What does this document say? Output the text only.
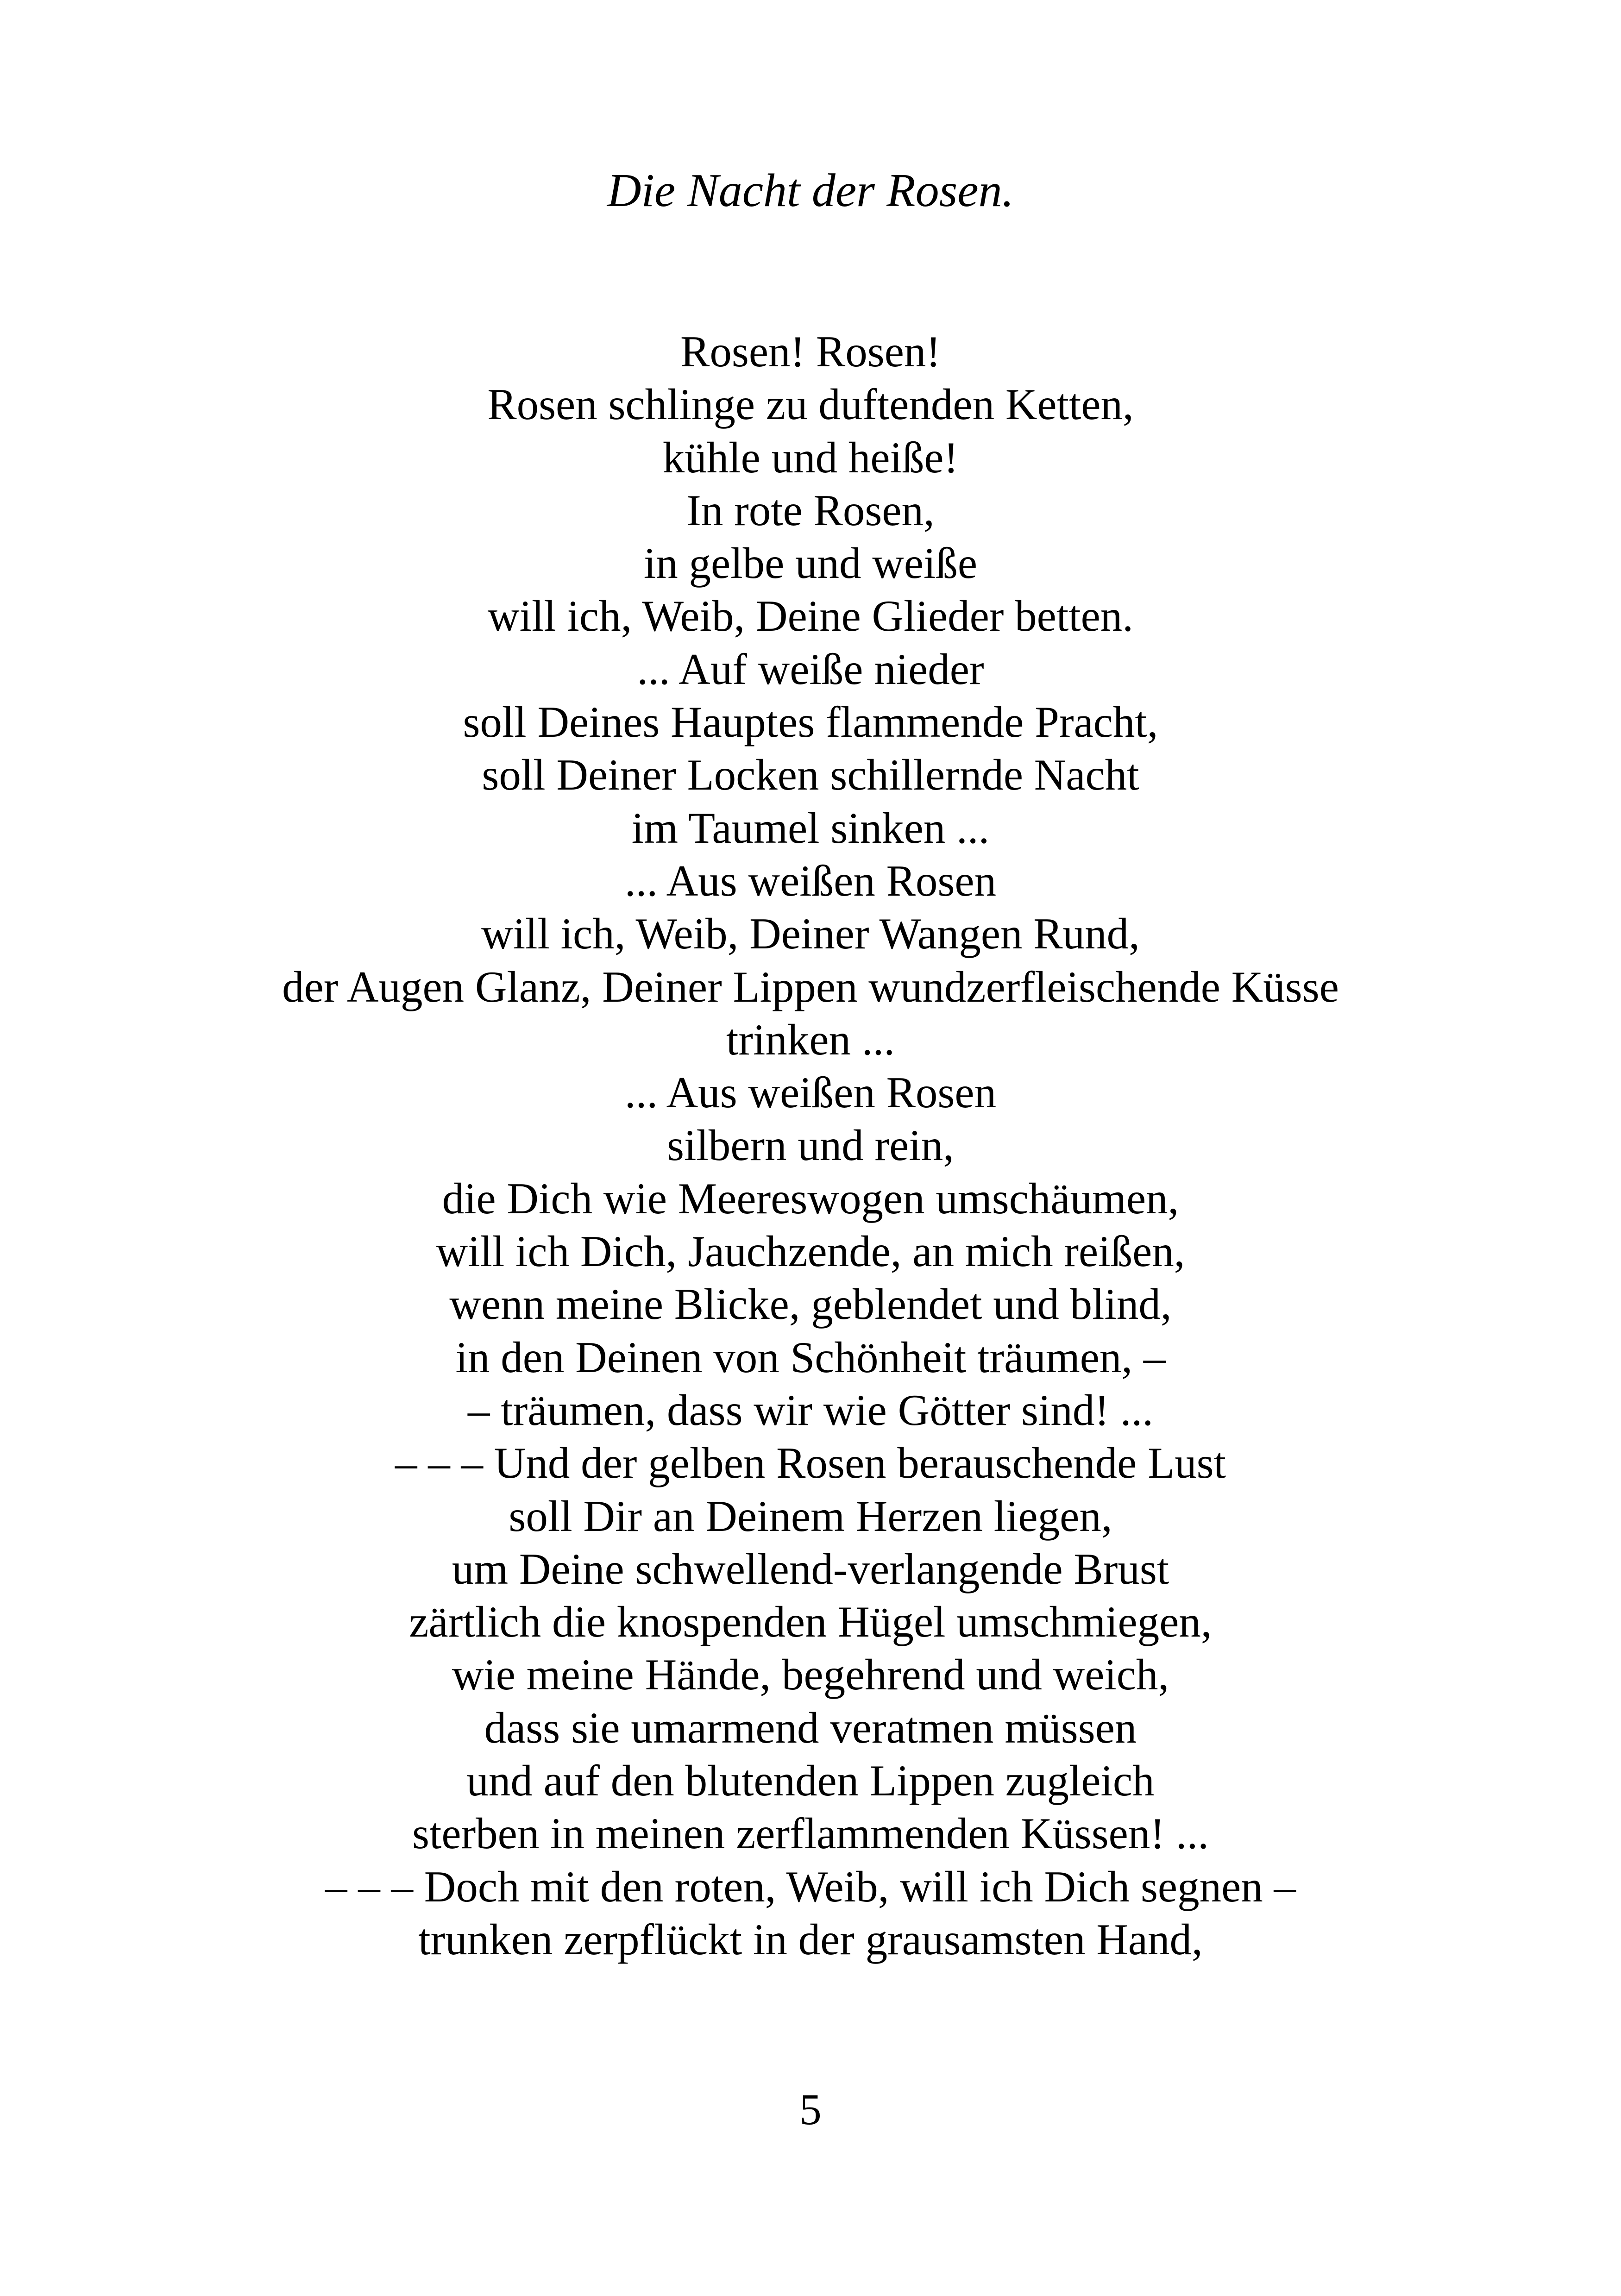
Die Nacht der Rosen.
Rosen! Rosen!
Rosen schlinge zu duftenden Ketten,
kühle und heiße!
In rote Rosen,
in gelbe und weiße
will ich, Weib, Deine Glieder betten.
... Auf weiße nieder
soll Deines Hauptes flammende Pracht,
soll Deiner Locken schillernde Nacht
im Taumel sinken ...
... Aus weißen Rosen
will ich, Weib, Deiner Wangen Rund,
der Augen Glanz, Deiner Lippen wundzerfleischende Küsse
trinken ...
... Aus weißen Rosen
silbern und rein,
die Dich wie Meereswogen umschäumen,
will ich Dich, Jauchzende, an mich reißen,
wenn meine Blicke, geblendet und blind,
in den Deinen von Schönheit träumen, –
– träumen, dass wir wie Götter sind! ...
– – – Und der gelben Rosen berauschende Lust
soll Dir an Deinem Herzen liegen,
um Deine schwellend-verlangende Brust
zärtlich die knospenden Hügel umschmiegen,
wie meine Hände, begehrend und weich,
dass sie umarmend veratmen müssen
und auf den blutenden Lippen zugleich
sterben in meinen zerflammenden Küssen! ...
– – – Doch mit den roten, Weib, will ich Dich segnen –
trunken zerpflückt in der grausamsten Hand,
5
